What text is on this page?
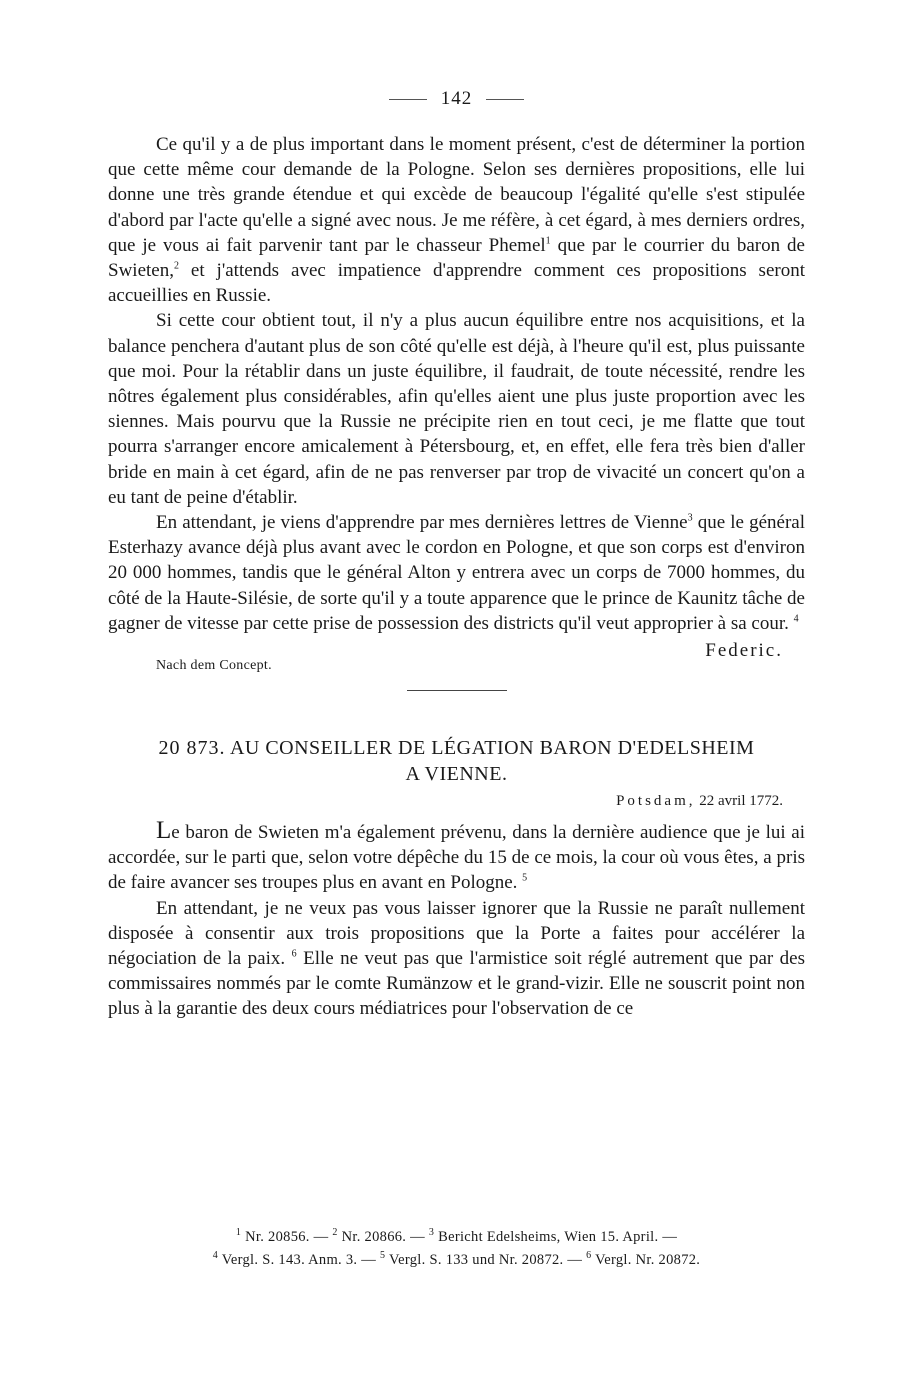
142

Ce qu'il y a de plus important dans le moment présent, c'est de déterminer la portion que cette même cour demande de la Pologne. Selon ses dernières propositions, elle lui donne une très grande étendue et qui excède de beaucoup l'égalité qu'elle s'est stipulée d'abord par l'acte qu'elle a signé avec nous. Je me réfère, à cet égard, à mes derniers ordres, que je vous ai fait parvenir tant par le chasseur Phemel$^1$ que par le courrier du baron de Swieten,$^2$ et j'attends avec impatience d'apprendre comment ces propositions seront accueillies en Russie.

Si cette cour obtient tout, il n'y a plus aucun équilibre entre nos acquisitions, et la balance penchera d'autant plus de son côté qu'elle est déjà, à l'heure qu'il est, plus puissante que moi. Pour la rétablir dans un juste équilibre, il faudrait, de toute nécessité, rendre les nôtres également plus considérables, afin qu'elles aient une plus juste proportion avec les siennes. Mais pourvu que la Russie ne précipite rien en tout ceci, je me flatte que tout pourra s'arranger encore amicalement à Pétersbourg, et, en effet, elle fera très bien d'aller bride en main à cet égard, afin de ne pas renverser par trop de vivacité un concert qu'on a eu tant de peine d'établir.

En attendant, je viens d'apprendre par mes dernières lettres de Vienne$^3$ que le général Esterhazy avance déjà plus avant avec le cordon en Pologne, et que son corps est d'environ 20 000 hommes, tandis que le général Alton y entrera avec un corps de 7000 hommes, du côté de la Haute-Silésie, de sorte qu'il y a toute apparence que le prince de Kaunitz tâche de gagner de vitesse par cette prise de possession des districts qu'il veut approprier à sa cour. $^4$

Nach dem Concept.
Federic.
20 873. AU CONSEILLER DE LÉGATION BARON D'EDELSHEIM
A VIENNE.
Potsdam, 22 avril 1772.

Le baron de Swieten m'a également prévenu, dans la dernière audience que je lui ai accordée, sur le parti que, selon votre dépêche du 15 de ce mois, la cour où vous êtes, a pris de faire avancer ses troupes plus en avant en Pologne. $^5$

En attendant, je ne veux pas vous laisser ignorer que la Russie ne paraît nullement disposée à consentir aux trois propositions que la Porte a faites pour accélérer la négociation de la paix. $^6$ Elle ne veut pas que l'armistice soit réglé autrement que par des commissaires nommés par le comte Rumänzow et le grand-vizir. Elle ne souscrit point non plus à la garantie des deux cours médiatrices pour l'observation de ce

$^1$ Nr. 20856. — $^2$ Nr. 20866. — $^3$ Bericht Edelsheims, Wien 15. April. —
$^4$ Vergl. S. 143. Anm. 3. — $^5$ Vergl. S. 133 und Nr. 20872. — $^6$ Vergl. Nr. 20872.
